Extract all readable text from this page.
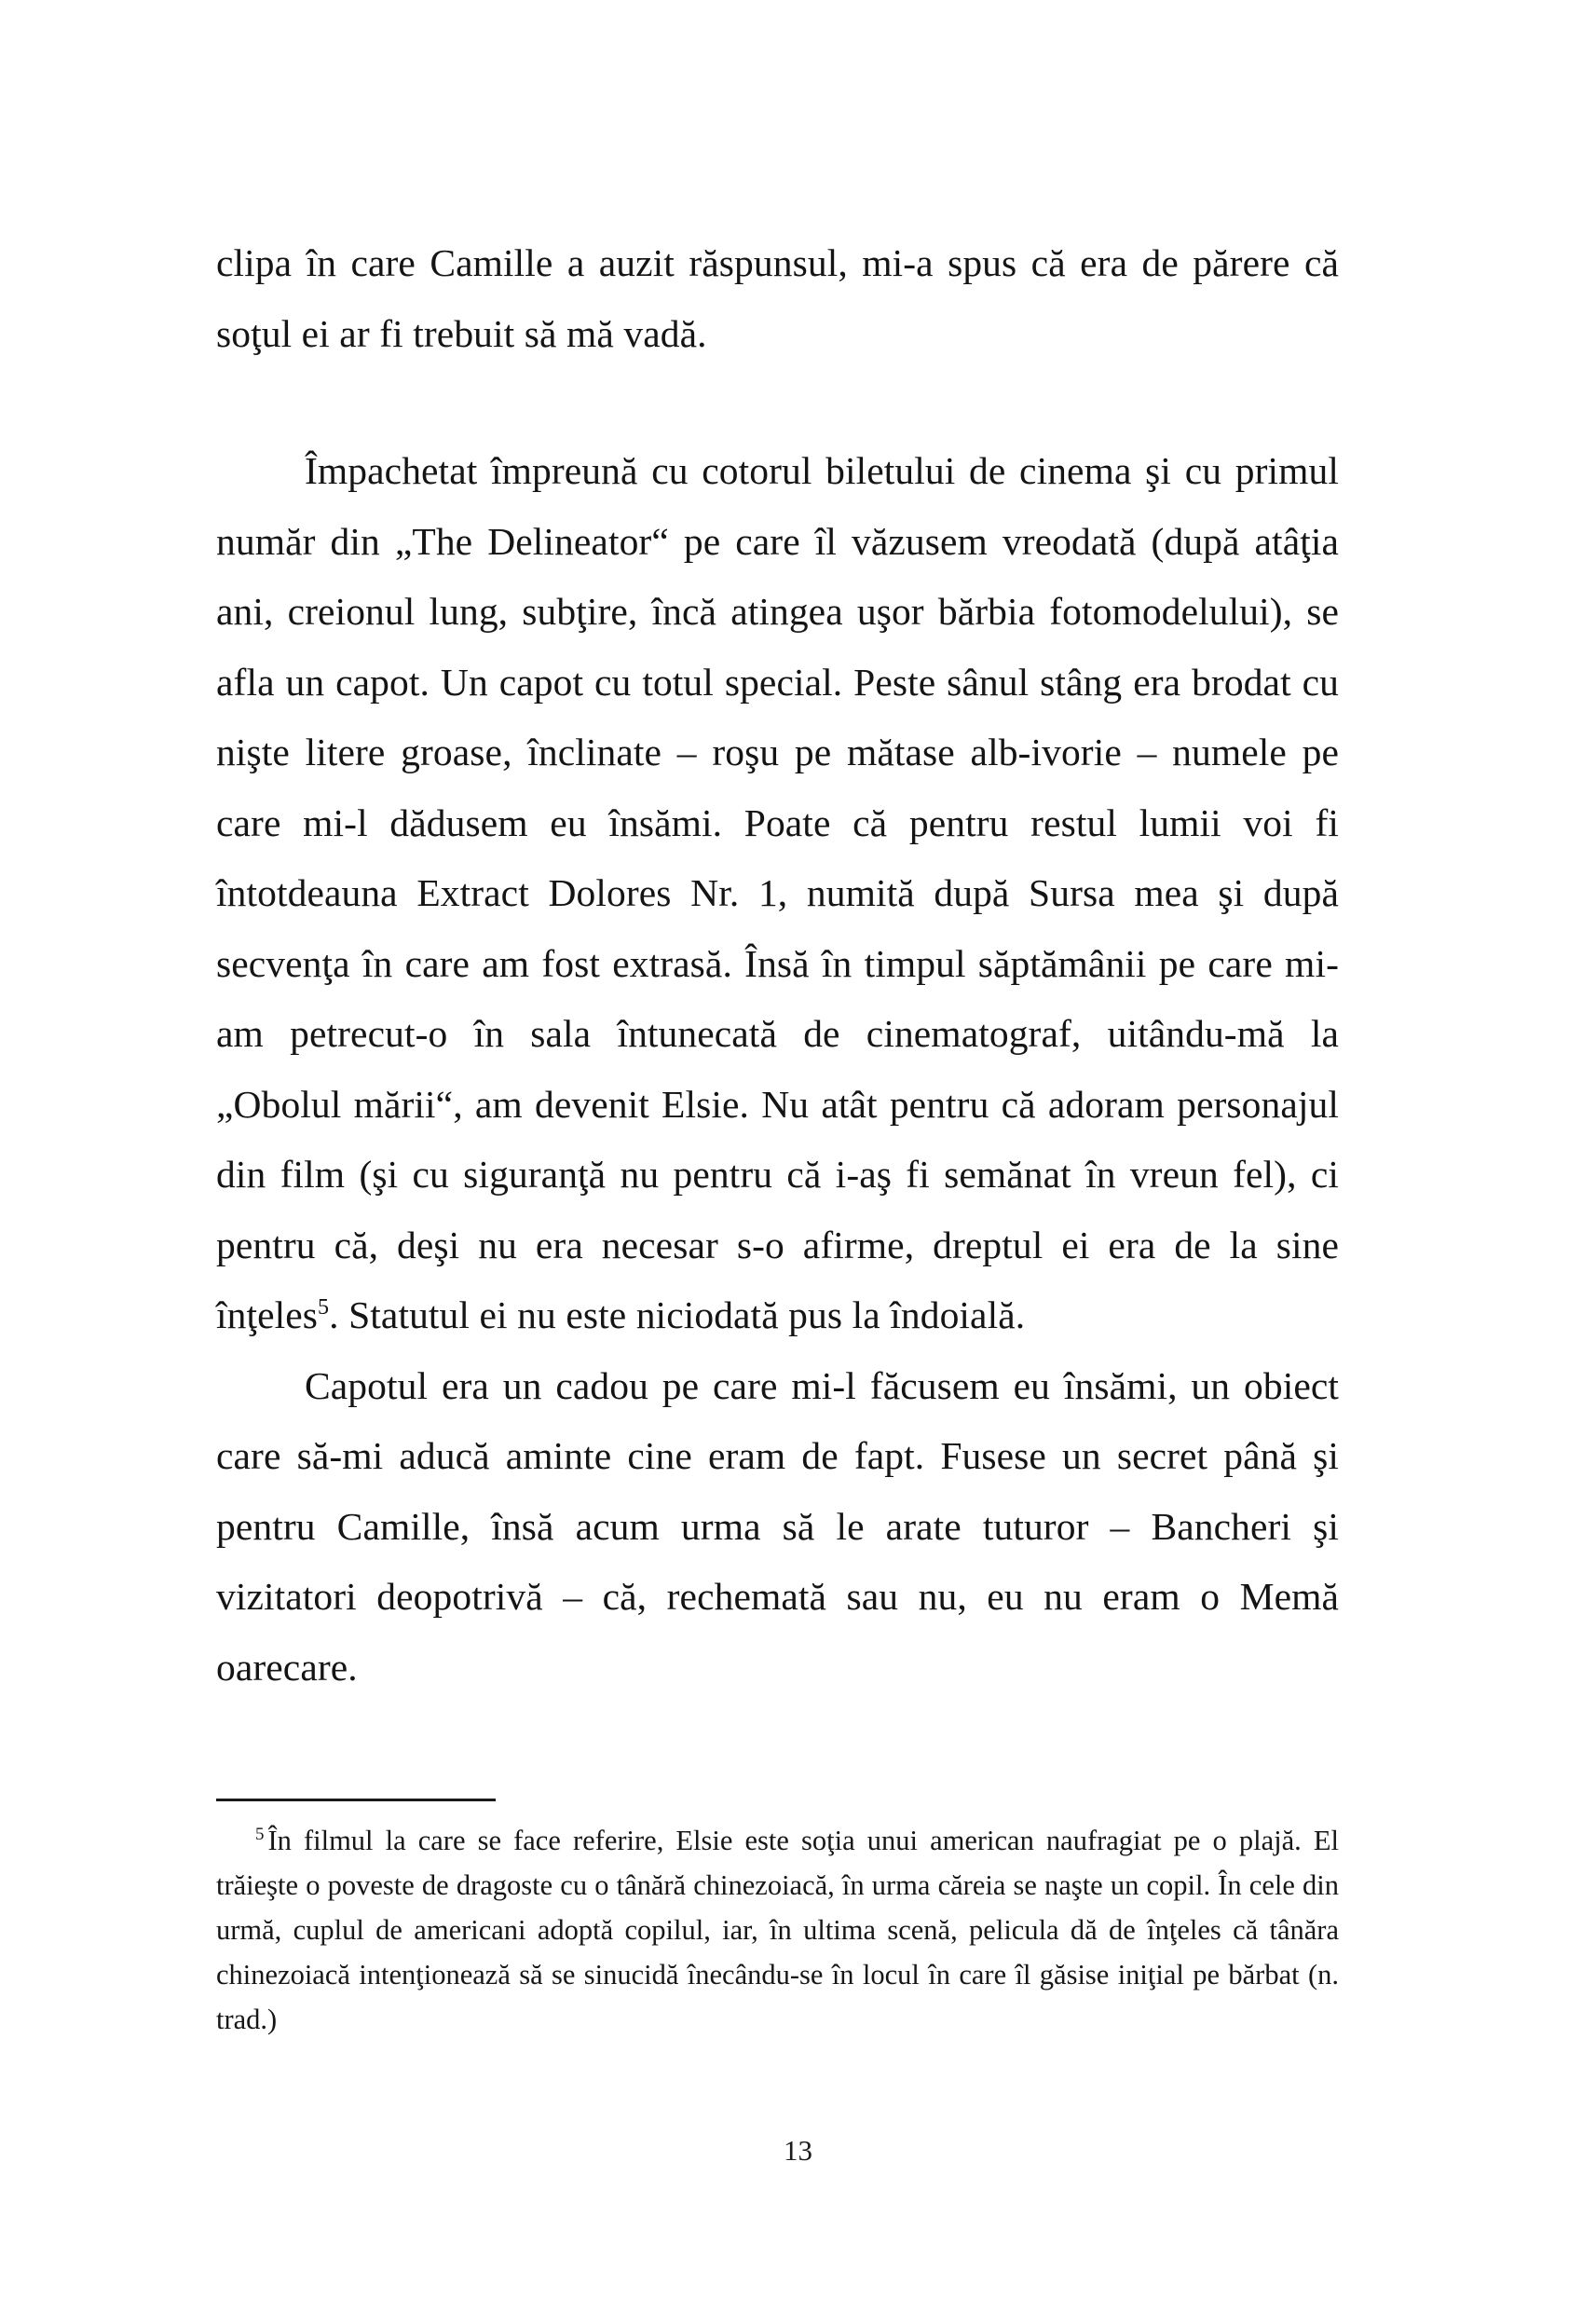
clipa în care Camille a auzit răspunsul, mi-a spus că era de părere că soţul ei ar fi trebuit să mă vadă.

Împachetat împreună cu cotorul biletului de cinema şi cu primul număr din „The Delineator“ pe care îl văzusem vreodată (după atâţia ani, creionul lung, subţire, încă atingea uşor bărbia fotomodelului), se afla un capot. Un capot cu totul special. Peste sânul stâng era brodat cu nişte litere groase, înclinate – roşu pe mătase alb-ivorie – numele pe care mi-l dădusem eu însămi. Poate că pentru restul lumii voi fi întotdeauna Extract Dolores Nr. 1, numită după Sursa mea şi după secvenţa în care am fost extrasă. Însă în timpul săptămânii pe care mi-am petrecut-o în sala întunecată de cinematograf, uitându-mă la „Obolul mării“, am devenit Elsie. Nu atât pentru că adoram personajul din film (şi cu siguranţă nu pentru că i-aş fi semănat în vreun fel), ci pentru că, deşi nu era necesar s-o afirme, dreptul ei era de la sine înţeles$^5$. Statutul ei nu este niciodată pus la îndoială.

Capotul era un cadou pe care mi-l făcusem eu însămi, un obiect care să-mi aducă aminte cine eram de fapt. Fusese un secret până şi pentru Camille, însă acum urma să le arate tuturor – Bancheri şi vizitatori deopotrivă – că, rechemată sau nu, eu nu eram o Memă oarecare.

$^5$ În filmul la care se face referire, Elsie este soţia unui american naufragiat pe o plajă. El trăieşte o poveste de dragoste cu o tânără chinezoiacă, în urma căreia se naşte un copil. În cele din urmă, cuplul de americani adoptă copilul, iar, în ultima scenă, pelicula dă de înţeles că tânăra chinezoiacă intenţionează să se sinucidă înecându-se în locul în care îl găsise iniţial pe bărbat (n. trad.)

13
